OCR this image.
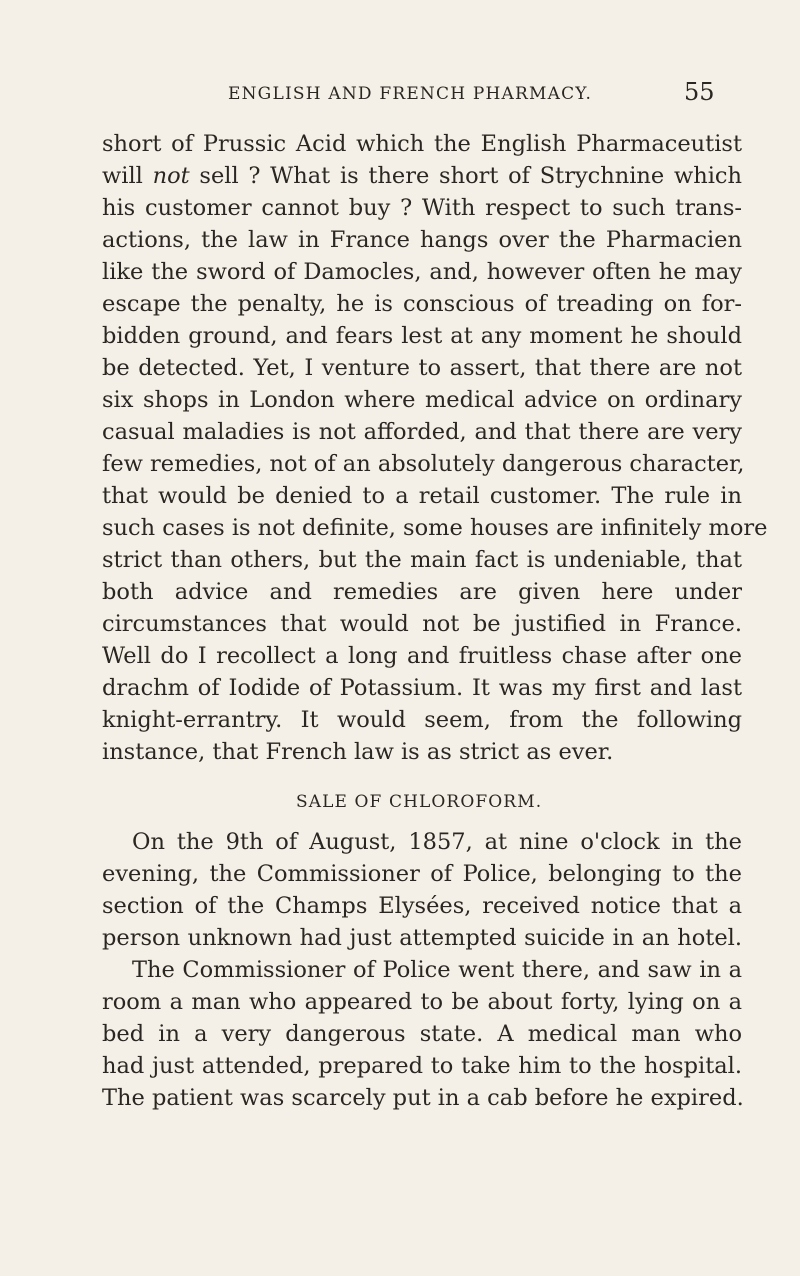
ENGLISH AND FRENCH PHARMACY.	55
short of Prussic Acid which the English Pharmaceutist
will not sell ? What is there short of Strychnine which
his customer cannot buy ? With respect to such trans-
actions, the law in France hangs over the Pharmacien
like the sword of Damocles, and, however often he may
escape the penalty, he is conscious of treading on for-
bidden ground, and fears lest at any moment he should
be detected. Yet, I venture to assert, that there are not
six shops in London where medical advice on ordinary
casual maladies is not afforded, and that there are very
few remedies, not of an absolutely dangerous character,
that would be denied to a retail customer. The rule in
such cases is not definite, some houses are infinitely more
strict than others, but the main fact is undeniable, that
both advice and remedies are given here under
circumstances that would not be justified in France.
Well do I recollect a long and fruitless chase after one
drachm of Iodide of Potassium. It was my first and last
knight-errantry. It would seem, from the following
instance, that French law is as strict as ever.
SALE OF CHLOROFORM.
On the 9th of August, 1857, at nine o'clock in the
evening, the Commissioner of Police, belonging to the
section of the Champs Elysées, received notice that a
person unknown had just attempted suicide in an hotel.
The Commissioner of Police went there, and saw in a
room a man who appeared to be about forty, lying on a
bed in a very dangerous state. A medical man who
had just attended, prepared to take him to the hospital.
The patient was scarcely put in a cab before he expired.
